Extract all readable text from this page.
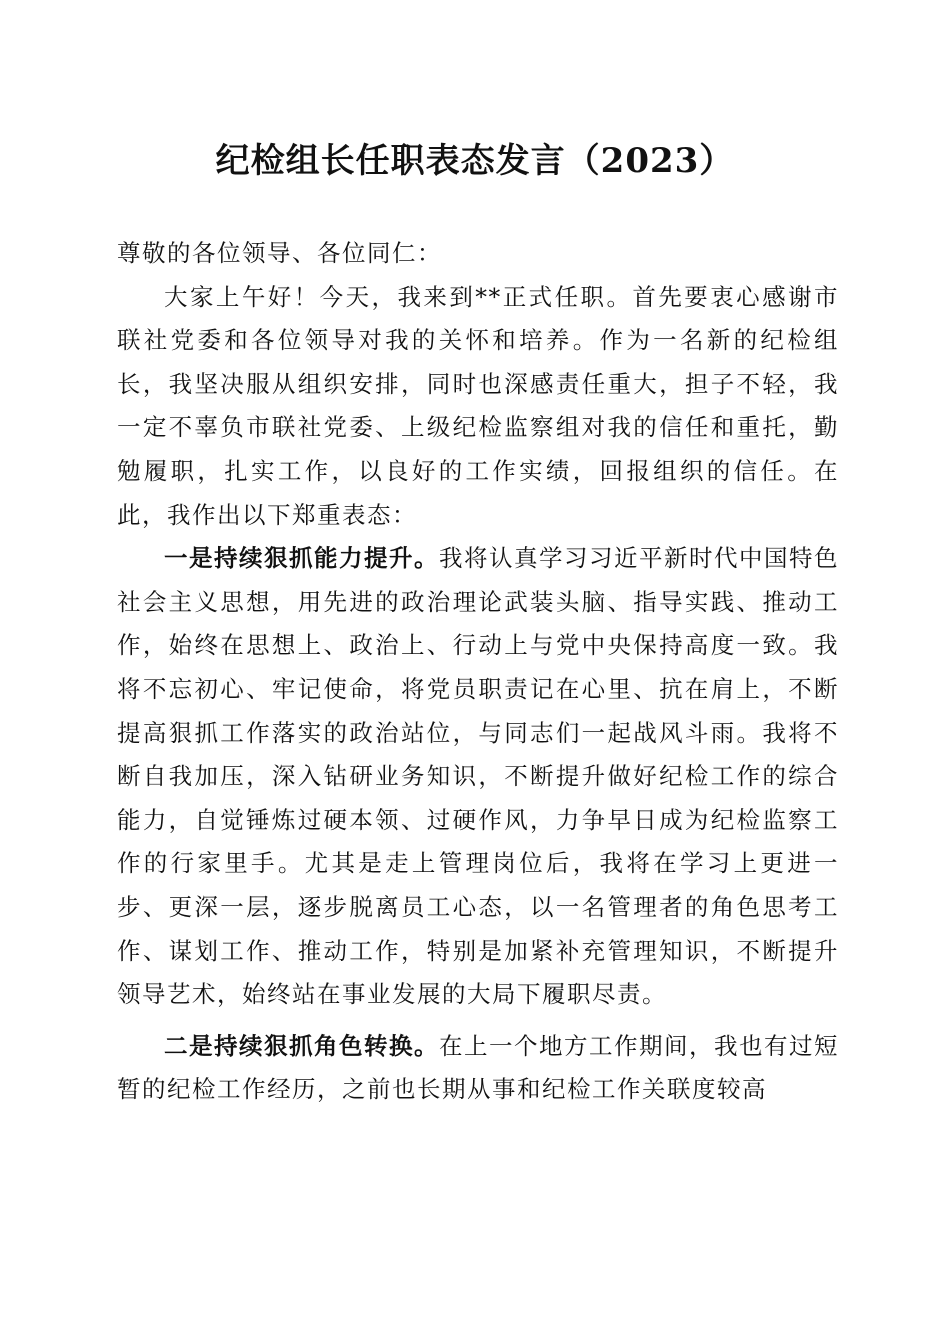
纪检组长任职表态发言（2023）

尊敬的各位领导、各位同仁：

大家上午好！今天，我来到**正式任职。首先要衷心感谢市联社党委和各位领导对我的关怀和培养。作为一名新的纪检组长，我坚决服从组织安排，同时也深感责任重大，担子不轻，我一定不辜负市联社党委、上级纪检监察组对我的信任和重托，勤勉履职，扎实工作，以良好的工作实绩，回报组织的信任。在此，我作出以下郑重表态：

一是持续狠抓能力提升。我将认真学习习近平新时代中国特色社会主义思想，用先进的政治理论武装头脑、指导实践、推动工作，始终在思想上、政治上、行动上与党中央保持高度一致。我将不忘初心、牢记使命，将党员职责记在心里、抗在肩上，不断提高狠抓工作落实的政治站位，与同志们一起战风斗雨。我将不断自我加压，深入钻研业务知识，不断提升做好纪检工作的综合能力，自觉锤炼过硬本领、过硬作风，力争早日成为纪检监察工作的行家里手。尤其是走上管理岗位后，我将在学习上更进一步、更深一层，逐步脱离员工心态，以一名管理者的角色思考工作、谋划工作、推动工作，特别是加紧补充管理知识，不断提升领导艺术，始终站在事业发展的大局下履职尽责。

二是持续狠抓角色转换。在上一个地方工作期间，我也有过短暂的纪检工作经历，之前也长期从事和纪检工作关联度较高
